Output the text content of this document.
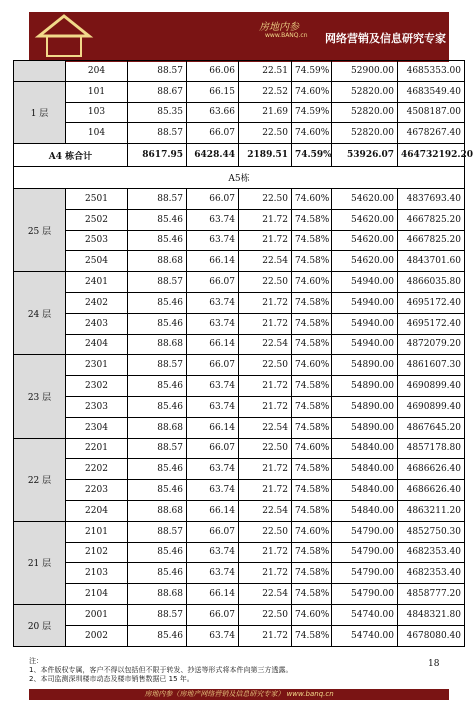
房地内参
www.BANQ.cn 网络营销及信息研究专家
	204	88.57	66.06	22.51	74.59%	52900.00	4685353.00
1 层	101	88.67	66.15	22.52	74.60%	52820.00	4683549.40
	103	85.35	63.66	21.69	74.59%	52820.00	4508187.00
	104	88.57	66.07	22.50	74.60%	52820.00	4678267.40
A4 栋合计		8617.95	6428.44	2189.51	74.59%	53926.07	464732192.20
A5栋							
25 层	2501	88.57	66.07	22.50	74.60%	54620.00	4837693.40
	2502	85.46	63.74	21.72	74.58%	54620.00	4667825.20
	2503	85.46	63.74	21.72	74.58%	54620.00	4667825.20
	2504	88.68	66.14	22.54	74.58%	54620.00	4843701.60
24 层	2401	88.57	66.07	22.50	74.60%	54940.00	4866035.80
	2402	85.46	63.74	21.72	74.58%	54940.00	4695172.40
	2403	85.46	63.74	21.72	74.58%	54940.00	4695172.40
	2404	88.68	66.14	22.54	74.58%	54940.00	4872079.20
23 层	2301	88.57	66.07	22.50	74.60%	54890.00	4861607.30
	2302	85.46	63.74	21.72	74.58%	54890.00	4690899.40
	2303	85.46	63.74	21.72	74.58%	54890.00	4690899.40
	2304	88.68	66.14	22.54	74.58%	54890.00	4867645.20
22 层	2201	88.57	66.07	22.50	74.60%	54840.00	4857178.80
	2202	85.46	63.74	21.72	74.58%	54840.00	4686626.40
	2203	85.46	63.74	21.72	74.58%	54840.00	4686626.40
	2204	88.68	66.14	22.54	74.58%	54840.00	4863211.20
21 层	2101	88.57	66.07	22.50	74.60%	54790.00	4852750.30
	2102	85.46	63.74	21.72	74.58%	54790.00	4682353.40
	2103	85.46	63.74	21.72	74.58%	54790.00	4682353.40
	2104	88.68	66.14	22.54	74.58%	54790.00	4858777.20
20 层	2001	88.57	66.07	22.50	74.60%	54740.00	4848321.80
	2002	85.46	63.74	21.72	74.58%	54740.00	4678080.40
注：
1、本件版权专属，客户不得以包括但不限于转发、抄送等形式将本件向第三方透露。
2、本司监测深圳楼市动态及楼市销售数据已 15 年。
18
房地内参（房地产网络营销及信息研究专家） www.banq.cn
